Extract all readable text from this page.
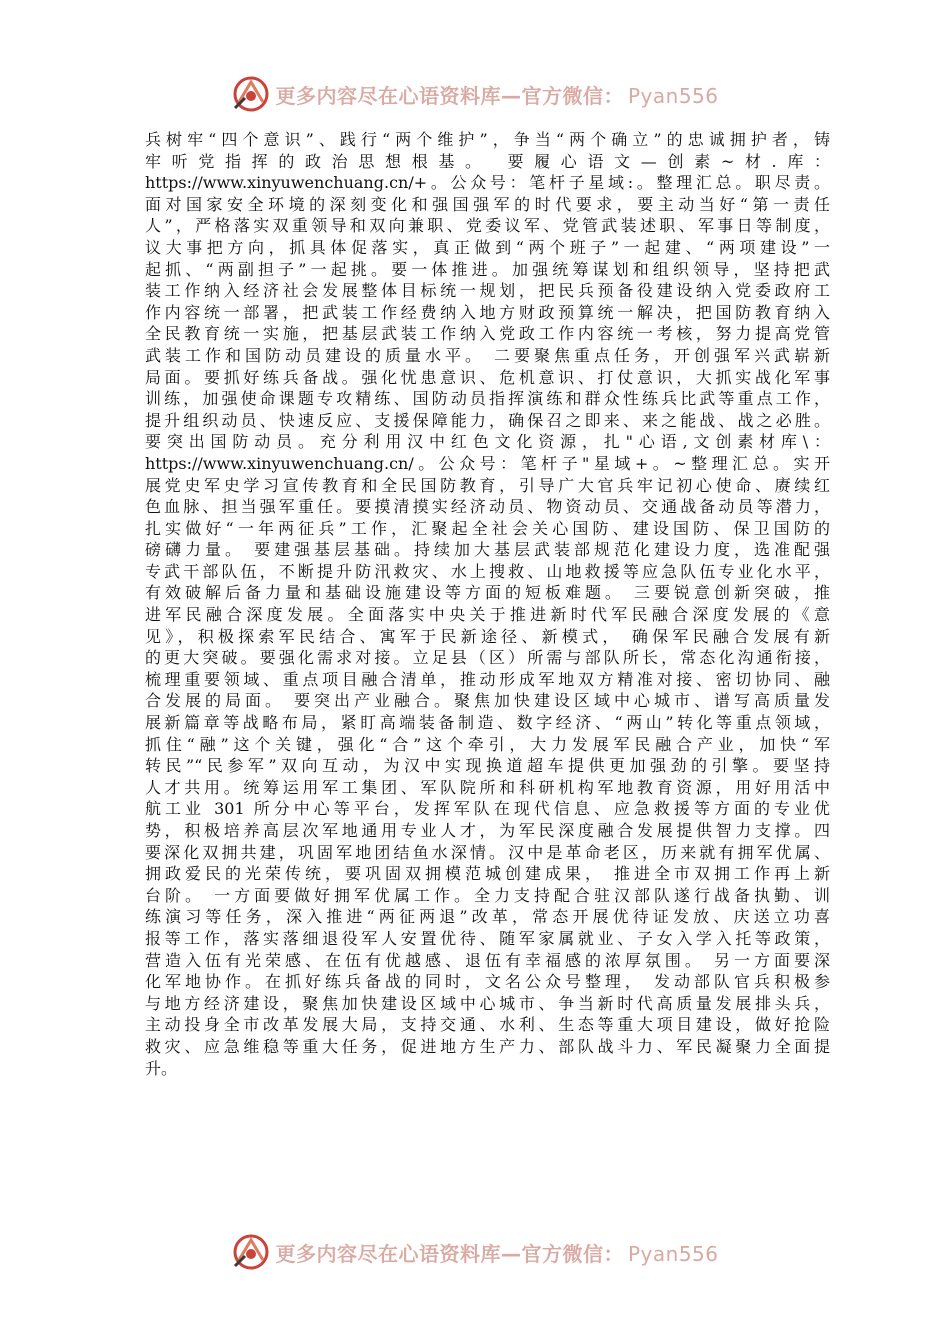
更多内容尽在心语资料库—官方微信： Pyan556
兵树牢“四个意识”、践行“两个维护”，争当“两个确立”的忠诚拥护者，铸
牢听党指挥的政治思想根基。 要履心语文—创素~材.库：
https://www.xinyuwenchuang.cn/+。公众号：笔杆子星域:。整理汇总。职尽责。
面对国家安全环境的深刻变化和强国强军的时代要求，要主动当好“第一责任
人”，严格落实双重领导和双向兼职、党委议军、党管武装述职、军事日等制度，
议大事把方向，抓具体促落实，真正做到“两个班子”一起建、“两项建设”一
起抓、“两副担子”一起挑。要一体推进。加强统筹谋划和组织领导，坚持把武
装工作纳入经济社会发展整体目标统一规划，把民兵预备役建设纳入党委政府工
作内容统一部署，把武装工作经费纳入地方财政预算统一解决，把国防教育纳入
全民教育统一实施，把基层武装工作纳入党政工作内容统一考核，努力提高党管
武装工作和国防动员建设的质量水平。 二要聚焦重点任务，开创强军兴武崭新
局面。要抓好练兵备战。强化忧患意识、危机意识、打仗意识，大抓实战化军事
训练，加强使命课题专攻精练、国防动员指挥演练和群众性练兵比武等重点工作，
提升组织动员、快速反应、支援保障能力，确保召之即来、来之能战、战之必胜。
要突出国防动员。充分利用汉中红色文化资源，扎"心语,文创素材库\：
https://www.xinyuwenchuang.cn/。公众号：笔杆子"星域+。~整理汇总。实开
展党史军史学习宣传教育和全民国防教育，引导广大官兵牢记初心使命、赓续红
色血脉、担当强军重任。要摸清摸实经济动员、物资动员、交通战备动员等潜力，
扎实做好“一年两征兵”工作，汇聚起全社会关心国防、建设国防、保卫国防的
磅礴力量。 要建强基层基础。持续加大基层武装部规范化建设力度，选准配强
专武干部队伍，不断提升防汛救灾、水上搜救、山地救援等应急队伍专业化水平，
有效破解后备力量和基础设施建设等方面的短板难题。 三要锐意创新突破，推
进军民融合深度发展。全面落实中央关于推进新时代军民融合深度发展的《意
见》，积极探索军民结合、寓军于民新途径、新模式， 确保军民融合发展有新
的更大突破。要强化需求对接。立足县（区）所需与部队所长，常态化沟通衔接，
梳理重要领域、重点项目融合清单，推动形成军地双方精准对接、密切协同、融
合发展的局面。 要突出产业融合。聚焦加快建设区域中心城市、谱写高质量发
展新篇章等战略布局，紧盯高端装备制造、数字经济、“两山”转化等重点领域，
抓住“融”这个关键，强化“合”这个牵引，大力发展军民融合产业，加快“军
转民”“民参军”双向互动，为汉中实现换道超车提供更加强劲的引擎。要坚持
人才共用。统筹运用军工集团、军队院所和科研机构军地教育资源，用好用活中
航工业 301 所分中心等平台，发挥军队在现代信息、应急救援等方面的专业优
势，积极培养高层次军地通用专业人才，为军民深度融合发展提供智力支撑。四
要深化双拥共建，巩固军地团结鱼水深情。汉中是革命老区，历来就有拥军优属、
拥政爱民的光荣传统，要巩固双拥模范城创建成果， 推进全市双拥工作再上新
台阶。 一方面要做好拥军优属工作。全力支持配合驻汉部队遂行战备执勤、训
练演习等任务，深入推进“两征两退”改革，常态开展优待证发放、庆送立功喜
报等工作，落实落细退役军人安置优待、随军家属就业、子女入学入托等政策，
营造入伍有光荣感、在伍有优越感、退伍有幸福感的浓厚氛围。 另一方面要深
化军地协作。在抓好练兵备战的同时，文名公众号整理， 发动部队官兵积极参
与地方经济建设，聚焦加快建设区域中心城市、争当新时代高质量发展排头兵，
主动投身全市改革发展大局，支持交通、水利、生态等重大项目建设，做好抢险
救灾、应急维稳等重大任务，促进地方生产力、部队战斗力、军民凝聚力全面提
升。
更多内容尽在心语资料库—官方微信： Pyan556
